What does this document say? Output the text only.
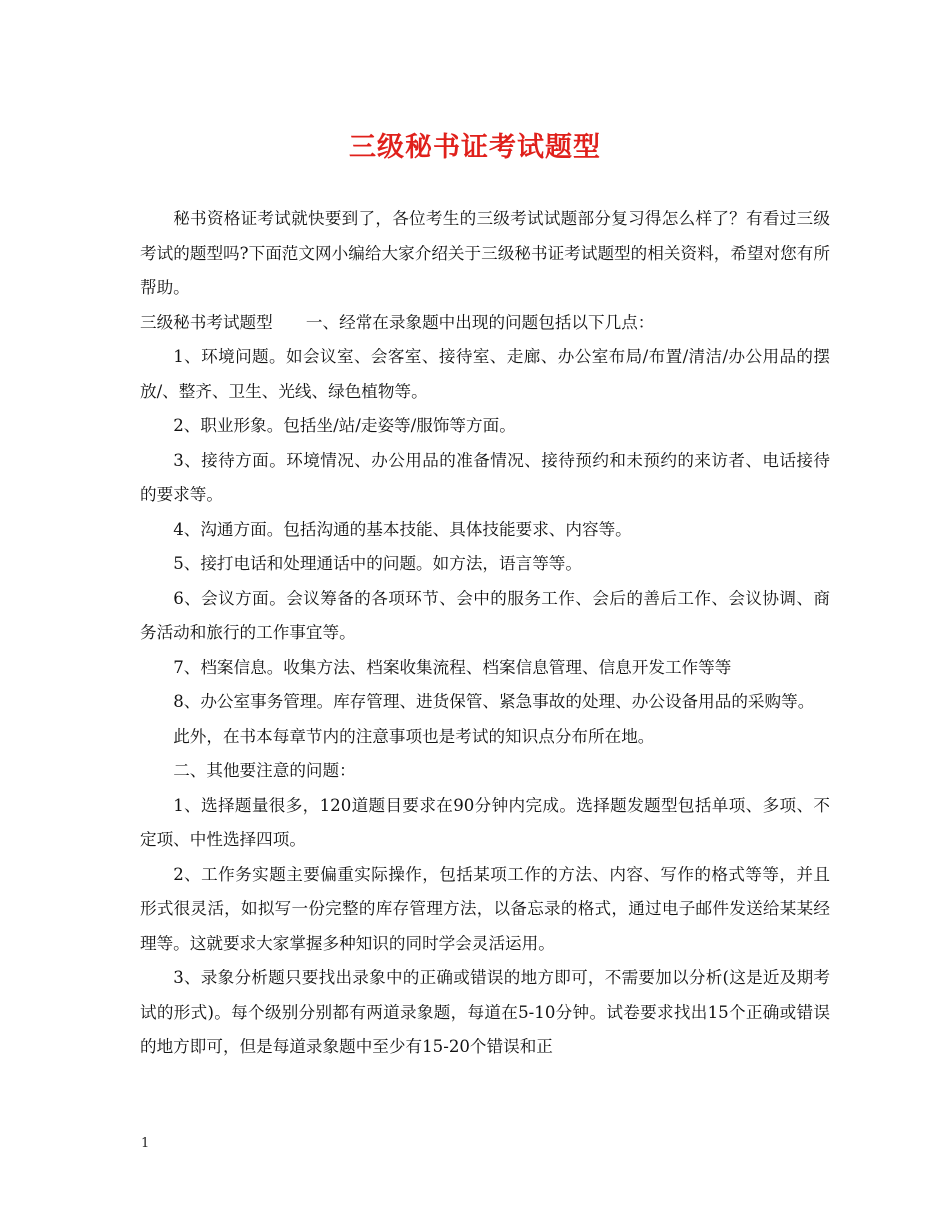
三级秘书证考试题型

秘书资格证考试就快要到了，各位考生的三级考试试题部分复习得怎么样了？有看过三级考试的题型吗?下面范文网小编给大家介绍关于三级秘书证考试题型的相关资料，希望对您有所帮助。

三级秘书考试题型　　一、经常在录象题中出现的问题包括以下几点：

1、环境问题。如会议室、会客室、接待室、走廊、办公室布局/布置/清洁/办公用品的摆放/、整齐、卫生、光线、绿色植物等。

2、职业形象。包括坐/站/走姿等/服饰等方面。

3、接待方面。环境情况、办公用品的准备情况、接待预约和未预约的来访者、电话接待的要求等。

4、沟通方面。包括沟通的基本技能、具体技能要求、内容等。

5、接打电话和处理通话中的问题。如方法，语言等等。

6、会议方面。会议筹备的各项环节、会中的服务工作、会后的善后工作、会议协调、商务活动和旅行的工作事宜等。

7、档案信息。收集方法、档案收集流程、档案信息管理、信息开发工作等等

8、办公室事务管理。库存管理、进货保管、紧急事故的处理、办公设备用品的采购等。

此外，在书本每章节内的注意事项也是考试的知识点分布所在地。

二、其他要注意的问题：

1、选择题量很多，120道题目要求在90分钟内完成。选择题发题型包括单项、多项、不定项、中性选择四项。

2、工作务实题主要偏重实际操作，包括某项工作的方法、内容、写作的格式等等，并且形式很灵活，如拟写一份完整的库存管理方法，以备忘录的格式，通过电子邮件发送给某某经理等。这就要求大家掌握多种知识的同时学会灵活运用。

3、录象分析题只要找出录象中的正确或错误的地方即可，不需要加以分析(这是近及期考试的形式)。每个级别分别都有两道录象题，每道在5-10分钟。试卷要求找出15个正确或错误的地方即可，但是每道录象题中至少有15-20个错误和正

1
